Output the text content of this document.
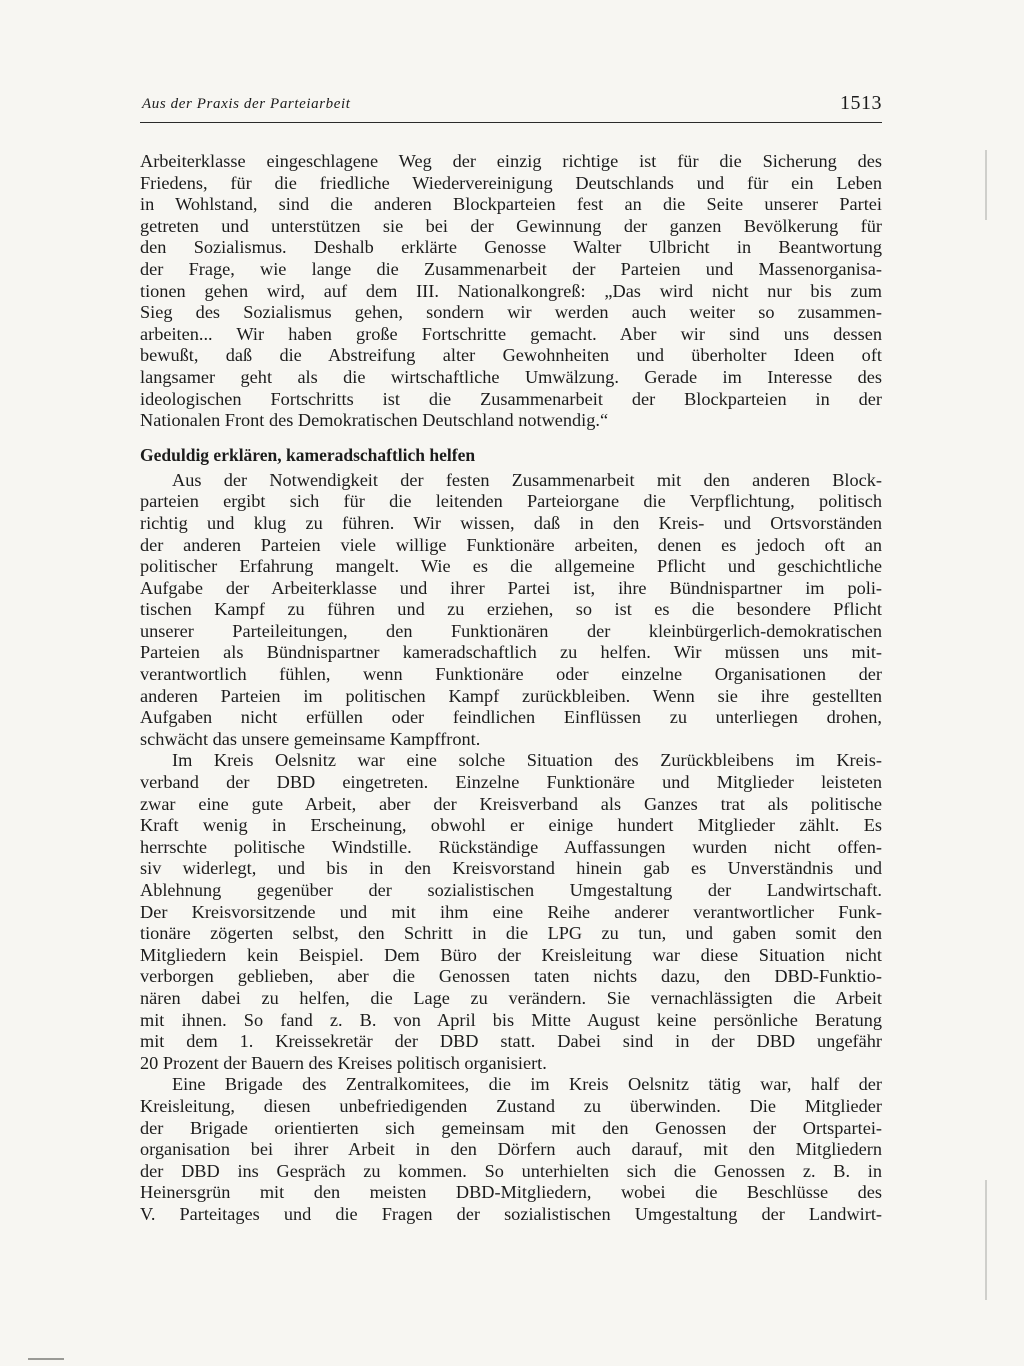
Aus der Praxis der Parteiarbeit	1513
Arbeiterklasse eingeschlagene Weg der einzig richtige ist für die Sicherung des
Friedens, für die friedliche Wiedervereinigung Deutschlands und für ein Leben
in Wohlstand, sind die anderen Blockparteien fest an die Seite unserer Partei
getreten und unterstützen sie bei der Gewinnung der ganzen Bevölkerung für
den Sozialismus. Deshalb erklärte Genosse Walter Ulbricht in Beantwortung
der Frage, wie lange die Zusammenarbeit der Parteien und Massenorganisa-
tionen gehen wird, auf dem III. Nationalkongreß: „Das wird nicht nur bis zum
Sieg des Sozialismus gehen, sondern wir werden auch weiter so zusammen-
arbeiten... Wir haben große Fortschritte gemacht. Aber wir sind uns dessen
bewußt, daß die Abstreifung alter Gewohnheiten und überholter Ideen oft
langsamer geht als die wirtschaftliche Umwälzung. Gerade im Interesse des
ideologischen Fortschritts ist die Zusammenarbeit der Blockparteien in der
Nationalen Front des Demokratischen Deutschland notwendig.“
Geduldig erklären, kameradschaftlich helfen
Aus der Notwendigkeit der festen Zusammenarbeit mit den anderen Block-
parteien ergibt sich für die leitenden Parteiorgane die Verpflichtung, politisch
richtig und klug zu führen. Wir wissen, daß in den Kreis- und Ortsvorständen
der anderen Parteien viele willige Funktionäre arbeiten, denen es jedoch oft an
politischer Erfahrung mangelt. Wie es die allgemeine Pflicht und geschichtliche
Aufgabe der Arbeiterklasse und ihrer Partei ist, ihre Bündnispartner im poli-
tischen Kampf zu führen und zu erziehen, so ist es die besondere Pflicht
unserer Parteileitungen, den Funktionären der kleinbürgerlich-demokratischen
Parteien als Bündnispartner kameradschaftlich zu helfen. Wir müssen uns mit-
verantwortlich fühlen, wenn Funktionäre oder einzelne Organisationen der
anderen Parteien im politischen Kampf zurückbleiben. Wenn sie ihre gestellten
Aufgaben nicht erfüllen oder feindlichen Einflüssen zu unterliegen drohen,
schwächt das unsere gemeinsame Kampffront.
Im Kreis Oelsnitz war eine solche Situation des Zurückbleibens im Kreis-
verband der DBD eingetreten. Einzelne Funktionäre und Mitglieder leisteten
zwar eine gute Arbeit, aber der Kreisverband als Ganzes trat als politische
Kraft wenig in Erscheinung, obwohl er einige hundert Mitglieder zählt. Es
herrschte politische Windstille. Rückständige Auffassungen wurden nicht offen-
siv widerlegt, und bis in den Kreisvorstand hinein gab es Unverständnis und
Ablehnung gegenüber der sozialistischen Umgestaltung der Landwirtschaft.
Der Kreisvorsitzende und mit ihm eine Reihe anderer verantwortlicher Funk-
tionäre zögerten selbst, den Schritt in die LPG zu tun, und gaben somit den
Mitgliedern kein Beispiel. Dem Büro der Kreisleitung war diese Situation nicht
verborgen geblieben, aber die Genossen taten nichts dazu, den DBD-Funktio-
nären dabei zu helfen, die Lage zu verändern. Sie vernachlässigten die Arbeit
mit ihnen. So fand z. B. von April bis Mitte August keine persönliche Beratung
mit dem 1. Kreissekretär der DBD statt. Dabei sind in der DBD ungefähr
20 Prozent der Bauern des Kreises politisch organisiert.
Eine Brigade des Zentralkomitees, die im Kreis Oelsnitz tätig war, half der
Kreisleitung, diesen unbefriedigenden Zustand zu überwinden. Die Mitglieder
der Brigade orientierten sich gemeinsam mit den Genossen der Ortspartei-
organisation bei ihrer Arbeit in den Dörfern auch darauf, mit den Mitgliedern
der DBD ins Gespräch zu kommen. So unterhielten sich die Genossen z. B. in
Heinersgrün mit den meisten DBD-Mitgliedern, wobei die Beschlüsse des
V. Parteitages und die Fragen der sozialistischen Umgestaltung der Landwirt-
